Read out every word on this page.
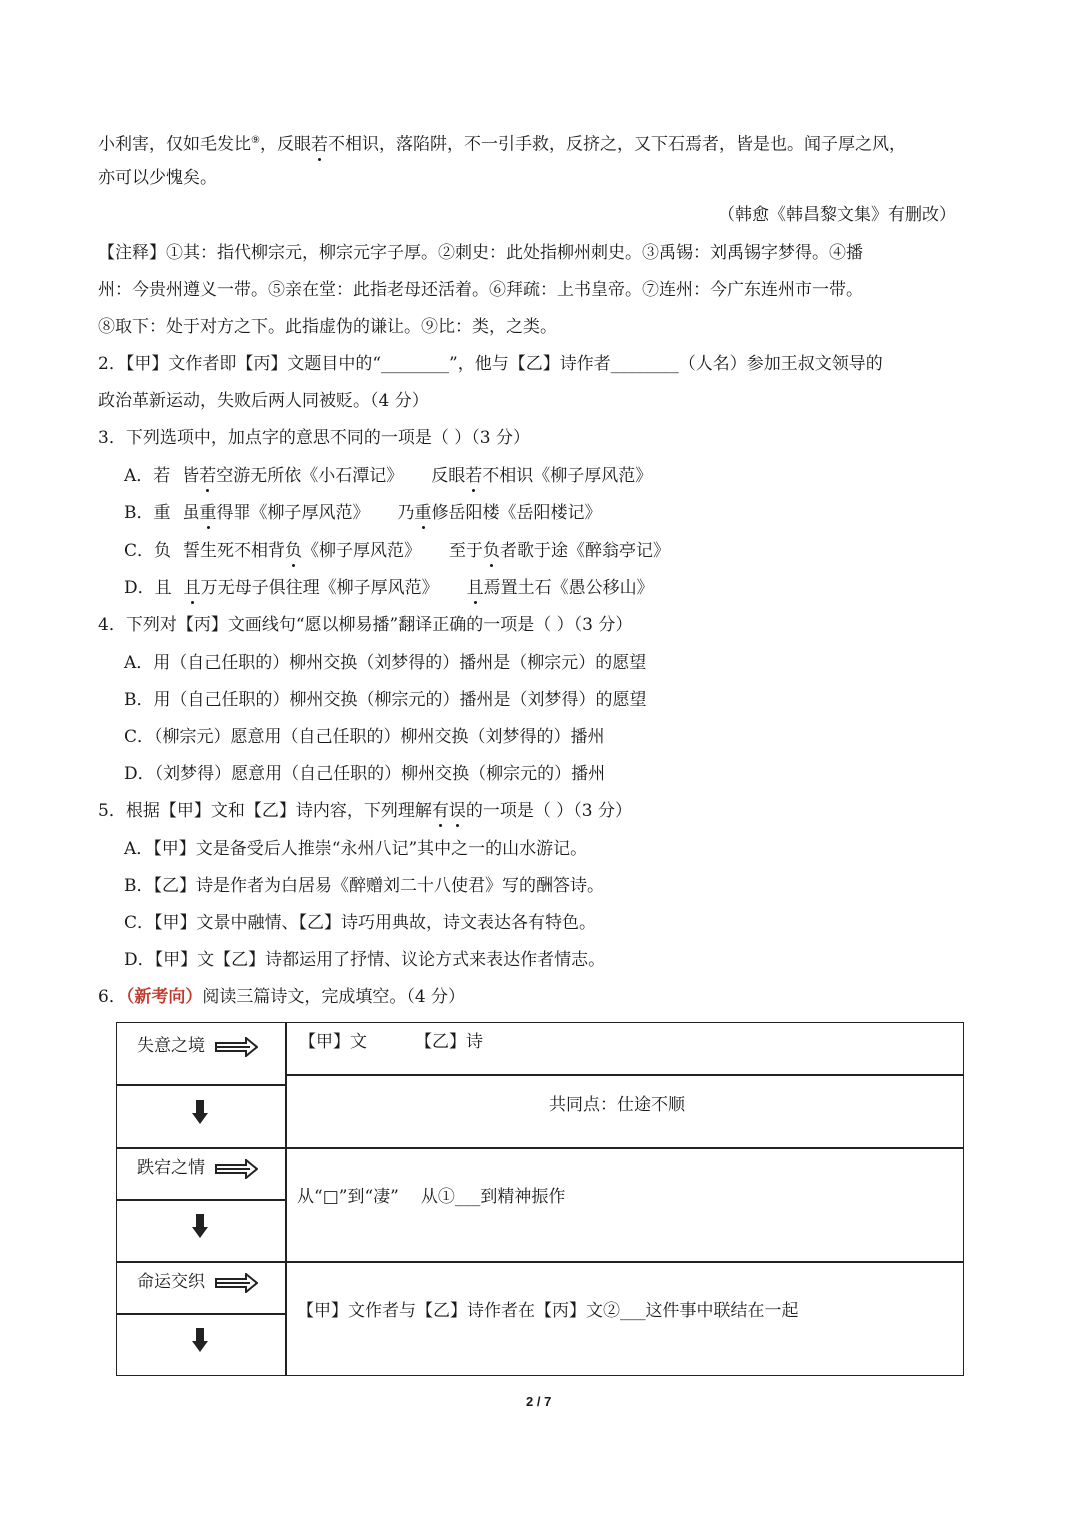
小利害，仅如毛发比⑨，反眼若不相识，落陷阱，不一引手救，反挤之，又下石焉者，皆是也。闻子厚之风，
亦可以少愧矣。
（韩愈《韩昌黎文集》有删改）
【注释】①其：指代柳宗元，柳宗元字子厚。②刺史：此处指柳州刺史。③禹锡：刘禹锡字梦得。④播
州：今贵州遵义一带。⑤亲在堂：此指老母还活着。⑥拜疏：上书皇帝。⑦连州：今广东连州市一带。
⑧取下：处于对方之下。此指虚伪的谦让。⑨比：类，之类。
2．【甲】文作者即【丙】文题目中的“________”，他与【乙】诗作者________（人名）参加王叔文领导的
政治革新运动，失败后两人同被贬。（4 分）
3．下列选项中，加点字的意思不同的一项是（ ）（3 分）
A．若 皆若空游无所依《小石潭记》 反眼若不相识《柳子厚风范》
B．重 虽重得罪《柳子厚风范》 乃重修岳阳楼《岳阳楼记》
C．负 誓生死不相背负《柳子厚风范》 至于负者歌于途《醉翁亭记》
D．且 且万无母子俱往理《柳子厚风范》 且焉置土石《愚公移山》
4．下列对【丙】文画线句“愿以柳易播”翻译正确的一项是（ ）（3 分）
A．用（自己任职的）柳州交换（刘梦得的）播州是（柳宗元）的愿望
B．用（自己任职的）柳州交换（柳宗元的）播州是（刘梦得）的愿望
C．（柳宗元）愿意用（自己任职的）柳州交换（刘梦得的）播州
D．（刘梦得）愿意用（自己任职的）柳州交换（柳宗元的）播州
5．根据【甲】文和【乙】诗内容，下列理解有误的一项是（ ）（3 分）
A．【甲】文是备受后人推崇“永州八记”其中之一的山水游记。
B．【乙】诗是作者为白居易《醉赠刘二十八使君》写的酬答诗。
C．【甲】文景中融情、【乙】诗巧用典故，诗文表达各有特色。
D．【甲】文【乙】诗都运用了抒情、议论方式来表达作者情志。
6．（新考向）阅读三篇诗文，完成填空。（4 分）
失意之境	【甲】文	【乙】诗
共同点：仕途不顺
跌宕之情
从“□”到“凄” 从①___到精神振作
命运交织
【甲】文作者与【乙】诗作者在【丙】文②___这件事中联结在一起
2 / 7
